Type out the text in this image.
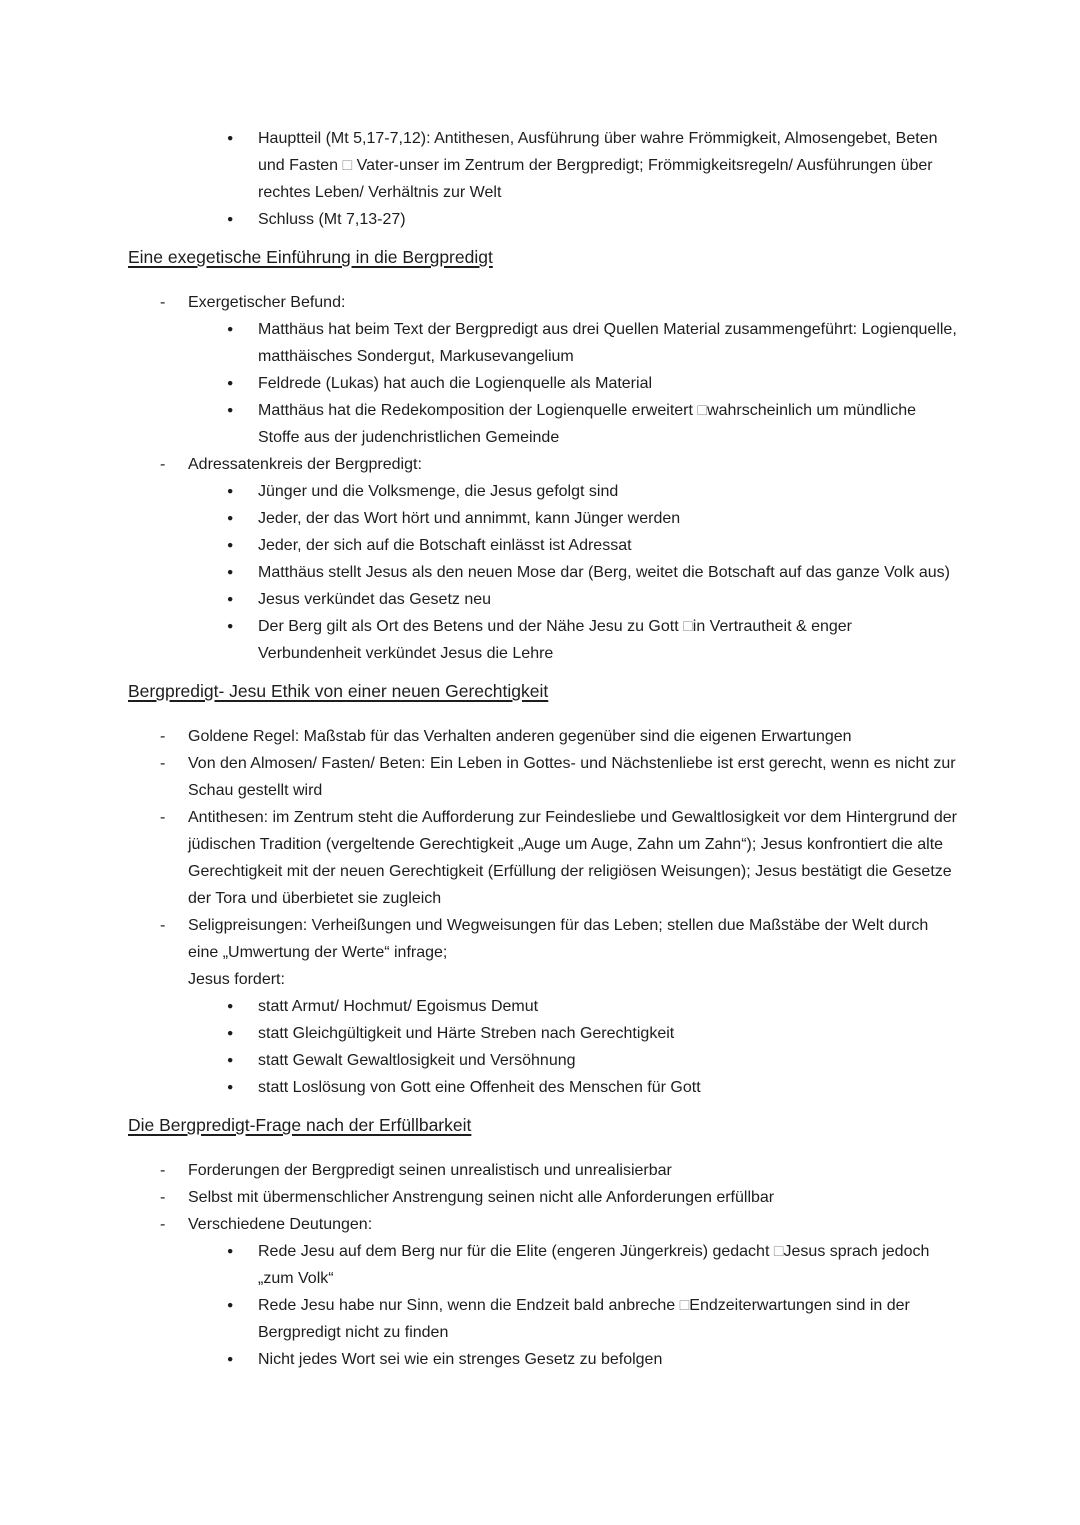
● Hauptteil (Mt 5,17-7,12): Antithesen, Ausführung über wahre Frömmigkeit, Almosengebet, Beten und Fasten □ Vater-unser im Zentrum der Bergpredigt; Frömmigkeitsregeln/ Ausführungen über rechtes Leben/ Verhältnis zur Welt
● Schluss (Mt 7,13-27)
Eine exegetische Einführung in die Bergpredigt
- Exergetischer Befund:
● Matthäus hat beim Text der Bergpredigt aus drei Quellen Material zusammengeführt: Logienquelle, matthäisches Sondergut, Markusevangelium
● Feldrede (Lukas) hat auch die Logienquelle als Material
● Matthäus hat die Redekomposition der Logienquelle erweitert □wahrscheinlich um mündliche Stoffe aus der judenchristlichen Gemeinde
- Adressatenkreis der Bergpredigt:
● Jünger und die Volksmenge, die Jesus gefolgt sind
● Jeder, der das Wort hört und annimmt, kann Jünger werden
● Jeder, der sich auf die Botschaft einlässt ist Adressat
● Matthäus stellt Jesus als den neuen Mose dar (Berg, weitet die Botschaft auf das ganze Volk aus)
● Jesus verkündet das Gesetz neu
● Der Berg gilt als Ort des Betens und der Nähe Jesu zu Gott □in Vertrautheit & enger Verbundenheit verkündet Jesus die Lehre
Bergpredigt- Jesu Ethik von einer neuen Gerechtigkeit
- Goldene Regel: Maßstab für das Verhalten anderen gegenüber sind die eigenen Erwartungen
- Von den Almosen/ Fasten/ Beten: Ein Leben in Gottes- und Nächstenliebe ist erst gerecht, wenn es nicht zur Schau gestellt wird
- Antithesen: im Zentrum steht die Aufforderung zur Feindesliebe und Gewaltlosigkeit vor dem Hintergrund der jüdischen Tradition (vergeltende Gerechtigkeit „Auge um Auge, Zahn um Zahn“); Jesus konfrontiert die alte Gerechtigkeit mit der neuen Gerechtigkeit (Erfüllung der religiösen Weisungen); Jesus bestätigt die Gesetze der Tora und überbietet sie zugleich
- Seligpreisungen: Verheißungen und Wegweisungen für das Leben; stellen due Maßstäbe der Welt durch eine „Umwertung der Werte“ infrage;
Jesus fordert:
● statt Armut/ Hochmut/ Egoismus Demut
● statt Gleichgültigkeit und Härte Streben nach Gerechtigkeit
● statt Gewalt Gewaltlosigkeit und Versöhnung
● statt Loslösung von Gott eine Offenheit des Menschen für Gott
Die Bergpredigt-Frage nach der Erfüllbarkeit
- Forderungen der Bergpredigt seinen unrealistisch und unrealisierbar
- Selbst mit übermenschlicher Anstrengung seinen nicht alle Anforderungen erfüllbar
- Verschiedene Deutungen:
● Rede Jesu auf dem Berg nur für die Elite (engeren Jüngerkreis) gedacht □Jesus sprach jedoch „zum Volk“
● Rede Jesu habe nur Sinn, wenn die Endzeit bald anbreche □Endzeiterwartungen sind in der Bergpredigt nicht zu finden
● Nicht jedes Wort sei wie ein strenges Gesetz zu befolgen
